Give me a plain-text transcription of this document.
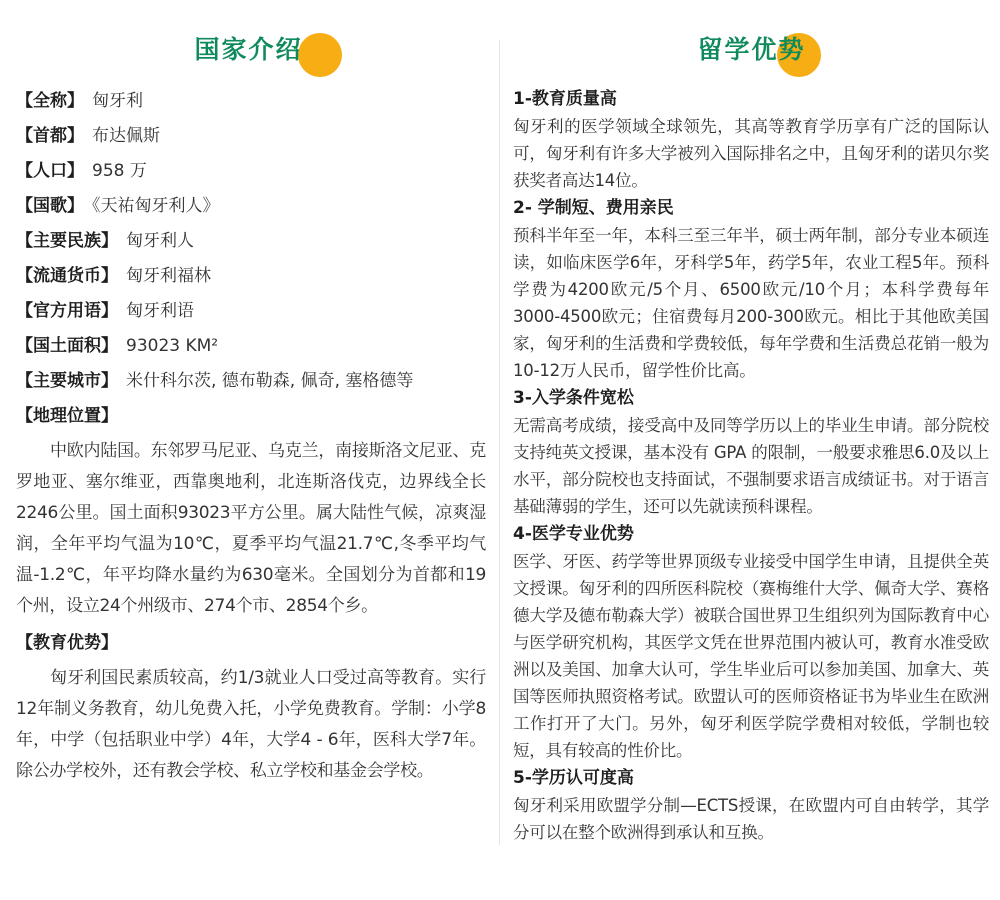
国家介绍
【全称】 匈牙利
【首都】 布达佩斯
【人口】 958 万
【国歌】 《天祐匈牙利人》
【主要民族】 匈牙利人
【流通货币】 匈牙利福林
【官方用语】 匈牙利语
【国土面积】 93023 KM²
【主要城市】 米什科尔茨, 德布勒森, 佩奇, 塞格德等
【地理位置】

中欧内陆国。东邻罗马尼亚、乌克兰，南接斯洛文尼亚、克罗地亚、塞尔维亚，西靠奥地利，北连斯洛伐克，边界线全长2246公里。国土面积93023平方公里。属大陆性气候，凉爽湿润，全年平均气温为10℃，夏季平均气温21.7℃,冬季平均气温-1.2℃，年平均降水量约为630毫米。全国划分为首都和19个州，设立24个州级市、274个市、2854个乡。

【教育优势】

匈牙利国民素质较高，约1/3就业人口受过高等教育。实行12年制义务教育，幼儿免费入托，小学免费教育。学制：小学8年，中学（包括职业中学）4年，大学4 - 6年，医科大学7年。除公办学校外，还有教会学校、私立学校和基金会学校。

留学优势
1-教育质量高

匈牙利的医学领域全球领先，其高等教育学历享有广泛的国际认可，匈牙利有许多大学被列入国际排名之中，且匈牙利的诺贝尔奖获奖者高达14位。

2- 学制短、费用亲民

预科半年至一年，本科三至三年半，硕士两年制，部分专业本硕连读，如临床医学6年，牙科学5年，药学5年，农业工程5年。预科学费为4200欧元/5个月、6500欧元/10个月；本科学费每年3000-4500欧元；住宿费每月200-300欧元。相比于其他欧美国家，匈牙利的生活费和学费较低，每年学费和生活费总花销一般为10-12万人民币，留学性价比高。

3-入学条件宽松

无需高考成绩，接受高中及同等学历以上的毕业生申请。部分院校支持纯英文授课，基本没有 GPA 的限制，一般要求雅思6.0及以上水平，部分院校也支持面试，不强制要求语言成绩证书。对于语言基础薄弱的学生，还可以先就读预科课程。

4-医学专业优势

医学、牙医、药学等世界顶级专业接受中国学生申请，且提供全英文授课。匈牙利的四所医科院校（赛梅维什大学、佩奇大学、赛格德大学及德布勒森大学）被联合国世界卫生组织列为国际教育中心与医学研究机构，其医学文凭在世界范围内被认可，教育水准受欧洲以及美国、加拿大认可，学生毕业后可以参加美国、加拿大、英国等医师执照资格考试。欧盟认可的医师资格证书为毕业生在欧洲工作打开了大门。另外，匈牙利医学院学费相对较低，学制也较短，具有较高的性价比。

5-学历认可度高

匈牙利采用欧盟学分制—ECTS授课，在欧盟内可自由转学，其学分可以在整个欧洲得到承认和互换。
